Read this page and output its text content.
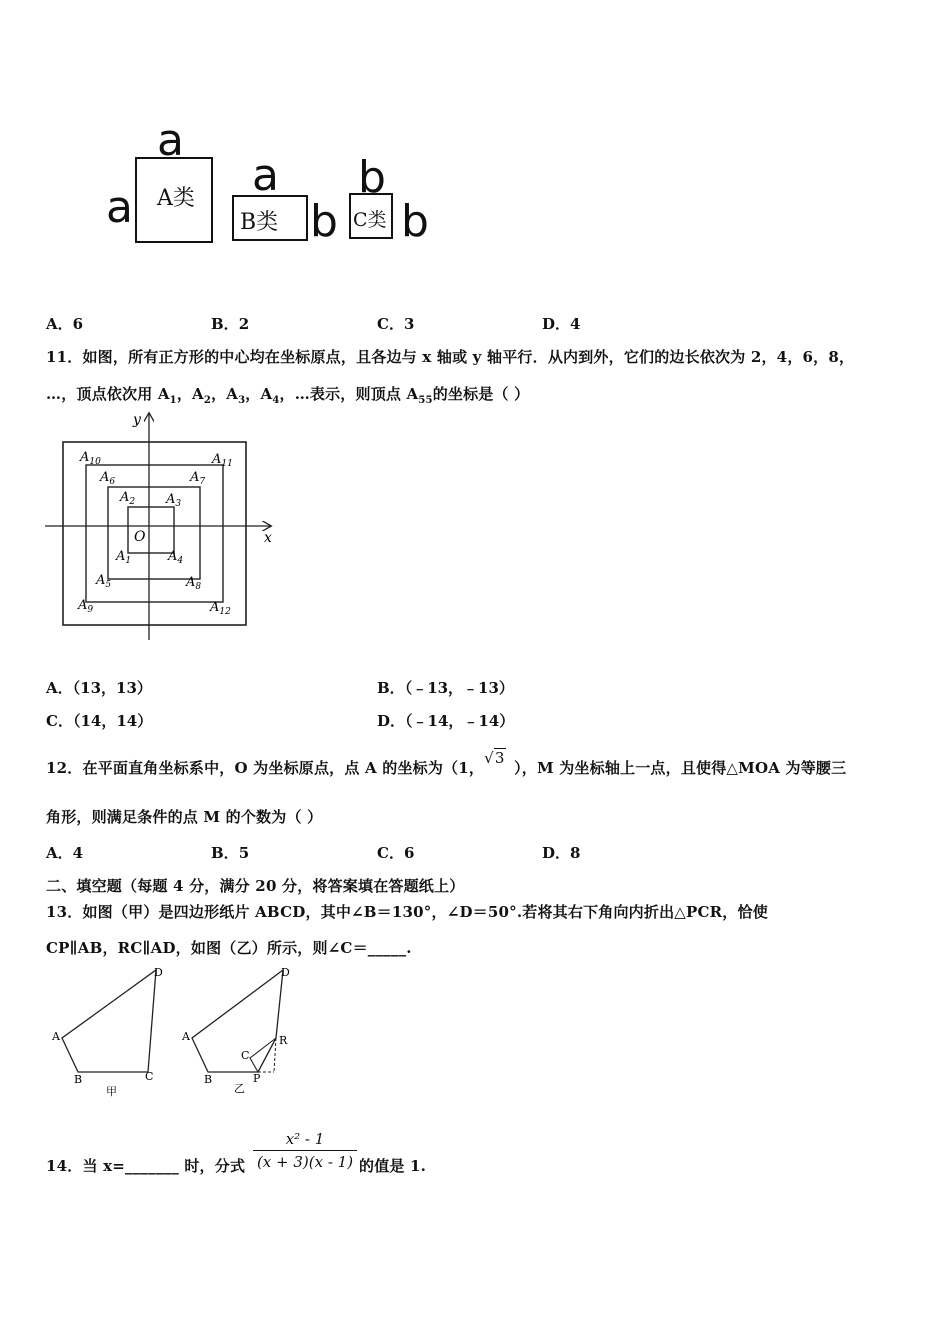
a
a A类 a
B类 b
b
C类 b
A．6	B．2	C．3	D．4
11．如图，所有正方形的中心均在坐标原点，且各边与 x 轴或 y 轴平行．从内到外，它们的边长依次为 2，4，6，8，
…，顶点依次用 $A_1$，$A_2$，$A_3$，$A_4$，…表示，则顶点 $A_{55}$的坐标是（ ）
y
x
O
$A_{10}$	$A_{11}$
$A_6$	$A_7$
$A_2$ $A_3$
$A_1$	$A_4$
$A_5$	$A_8$
$A_9$	$A_{12}$
A．（13，13）	B．（﹣13，﹣13）
C．（14，14）	D．（﹣14，﹣14）
12．在平面直角坐标系中，O 为坐标原点，点 A 的坐标为（1，√3），M 为坐标轴上一点，且使得△MOA 为等腰三
角形，则满足条件的点 M 的个数为（ ）
A．4	B．5	C．6	D．8
二、填空题（每题 4 分，满分 20 分，将答案填在答题纸上）
13．如图（甲）是四边形纸片 ABCD，其中∠B＝130°，∠D＝50°.若将其右下角向内折出△PCR，恰使
CP∥AB，RC∥AD，如图（乙）所示，则∠C＝_____.
A
B	C
D
甲
A
B
C
D
P
R
乙
14．当 x=_______ 时，分式
x² - 1
(x + 3)(x - 1) 的值是 1.
